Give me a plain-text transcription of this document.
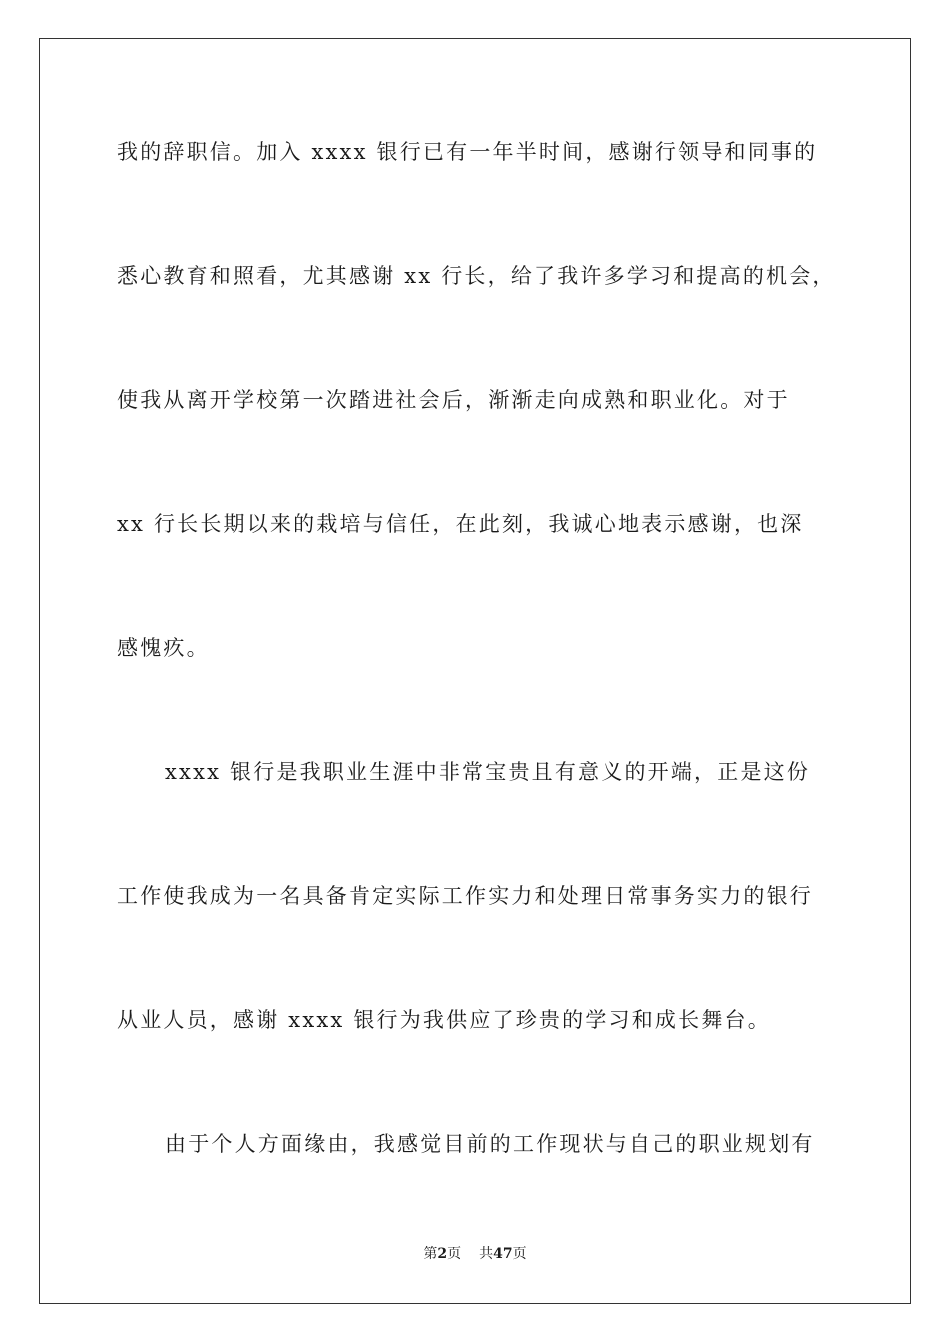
我的辞职信。加入 xxxx 银行已有一年半时间，感谢行领导和同事的
悉心教育和照看，尤其感谢 xx 行长，给了我许多学习和提高的机会，
使我从离开学校第一次踏进社会后，渐渐走向成熟和职业化。对于
xx 行长长期以来的栽培与信任，在此刻，我诚心地表示感谢，也深
感愧疚。
xxxx 银行是我职业生涯中非常宝贵且有意义的开端，正是这份
工作使我成为一名具备肯定实际工作实力和处理日常事务实力的银行
从业人员，感谢 xxxx 银行为我供应了珍贵的学习和成长舞台。
由于个人方面缘由，我感觉目前的工作现状与自己的职业规划有
第2页 共47页
